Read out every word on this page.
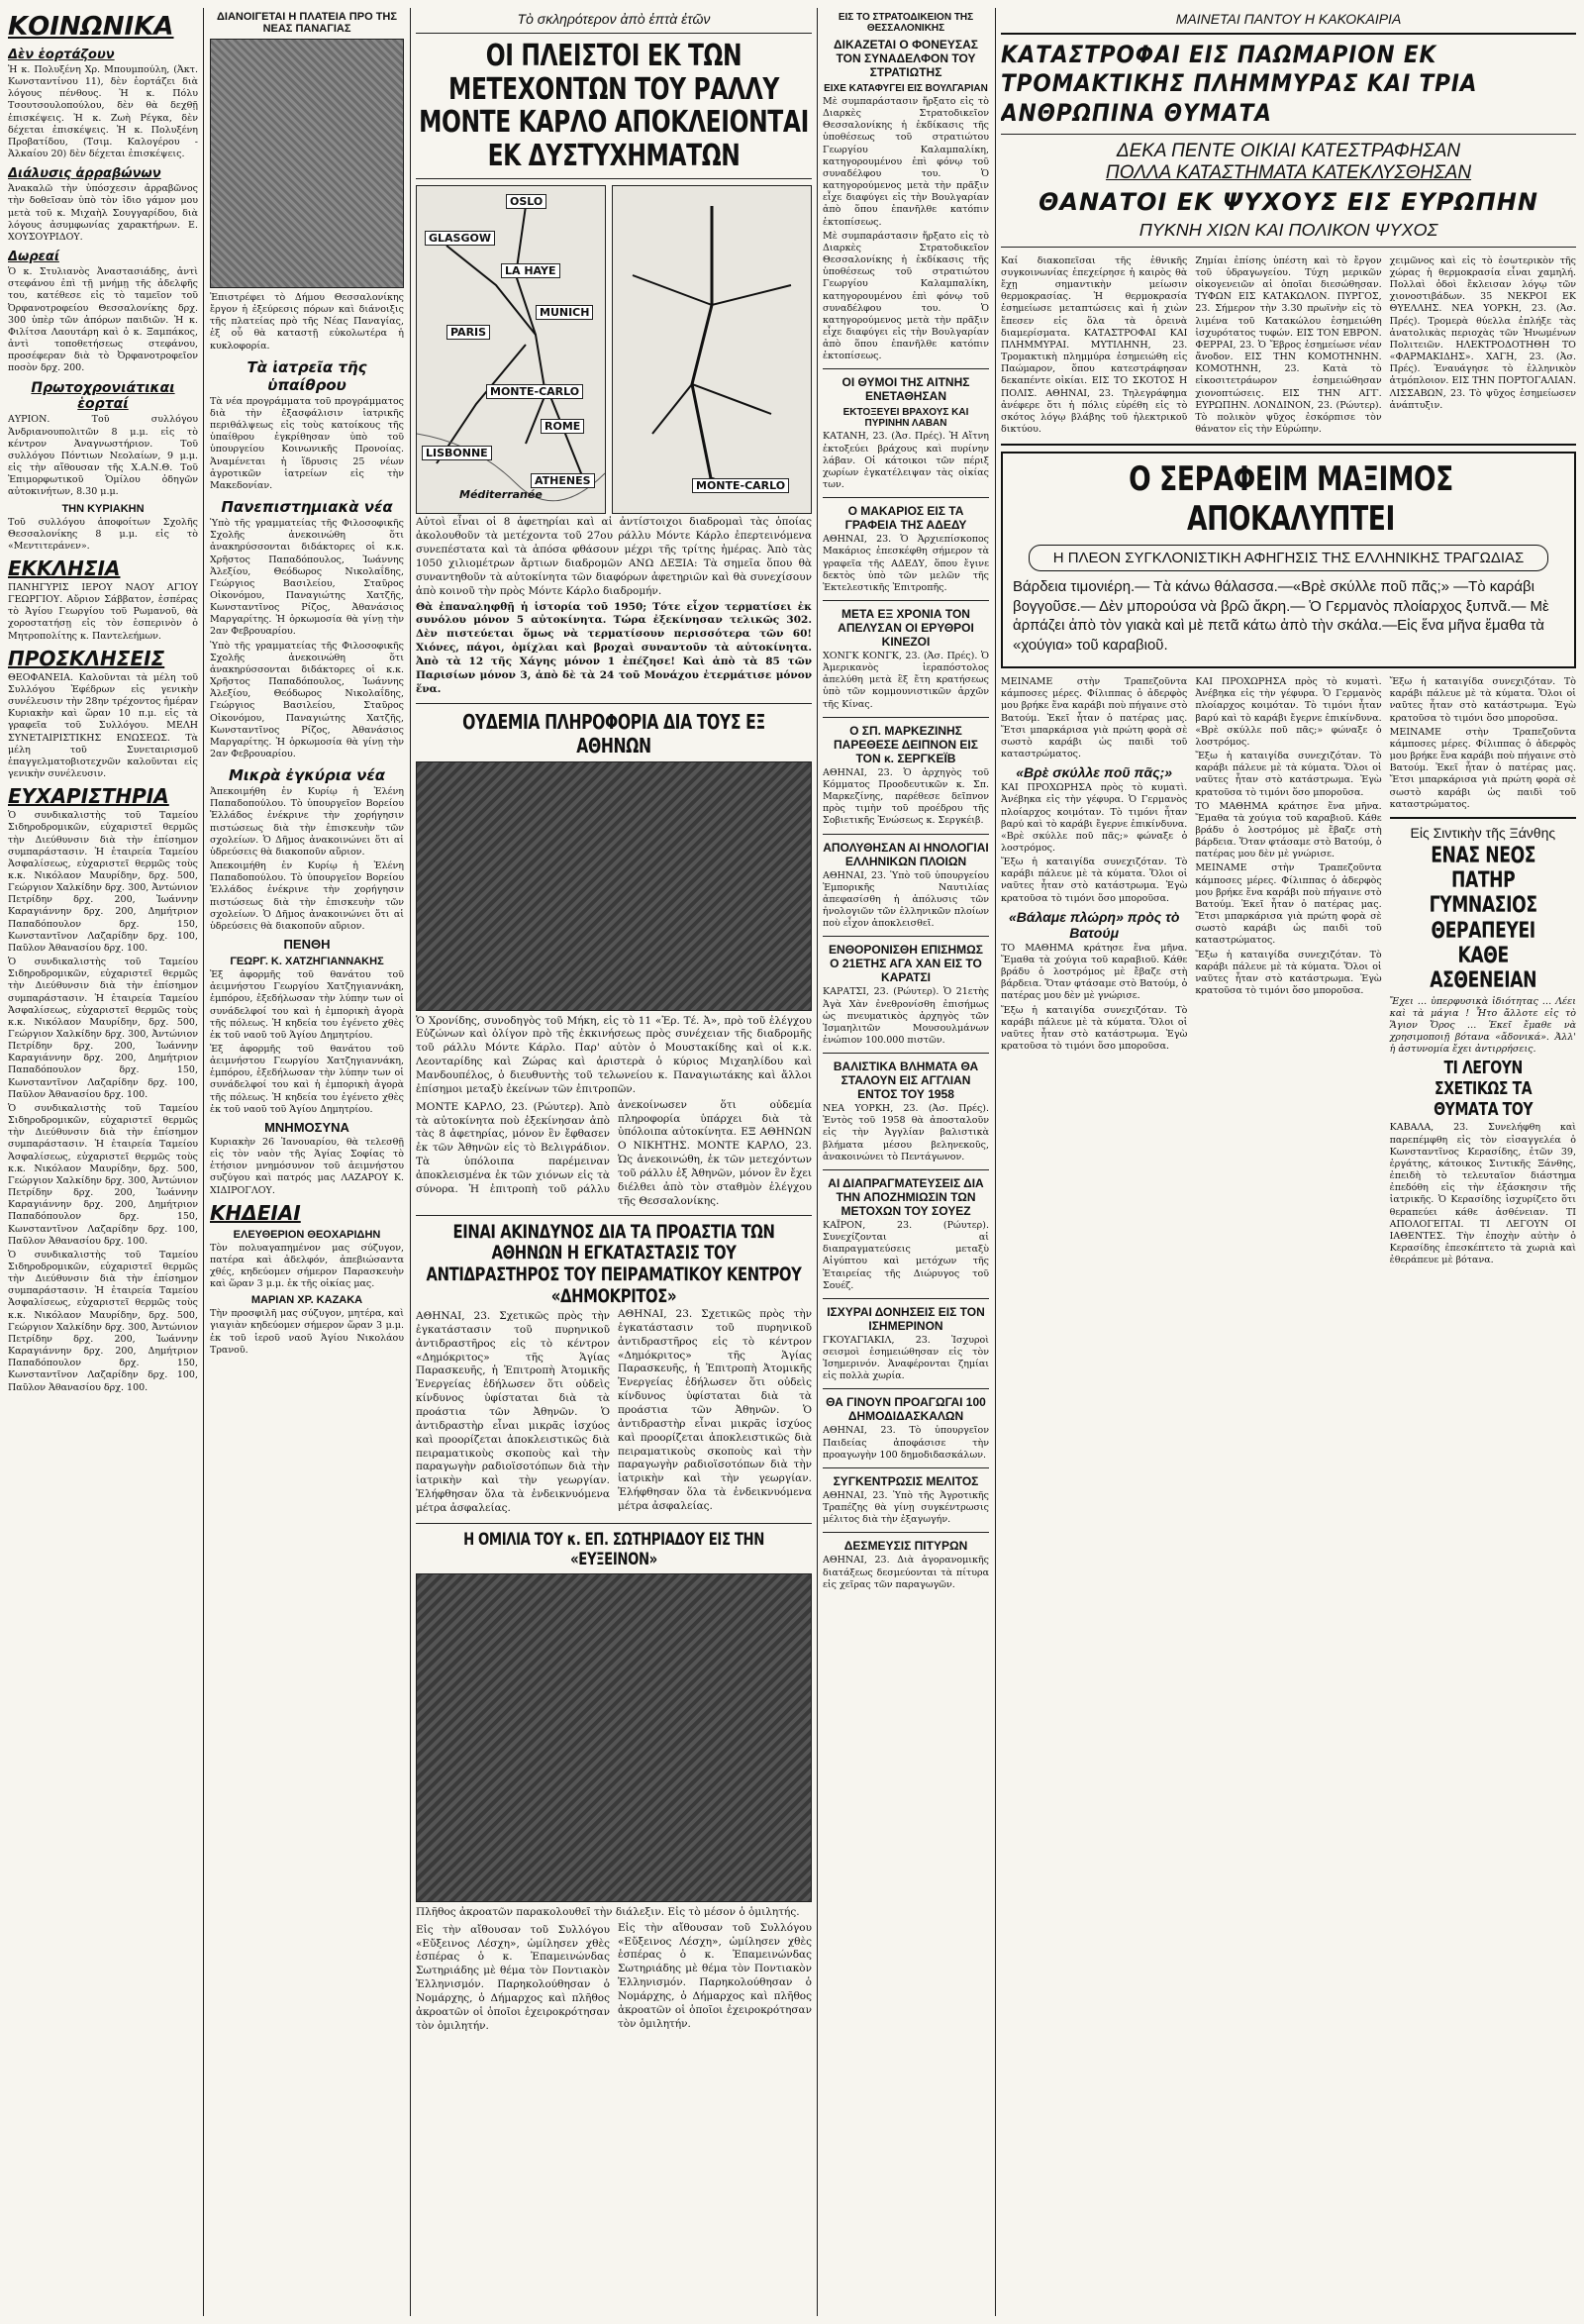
ΚΟΙΝΩΝΙΚΑ
Δὲν ἑορτάζουν

Ἡ κ. Πολυξένη Χρ. Μπουμπούλη, (Ἀκτ. Κωνσταντίνου 11), δὲν ἑορτάζει διὰ λόγους πένθους. Ἡ κ. Πόλυ Τσουτσουλοπούλου, δὲν θὰ δεχθῇ ἐπισκέψεις. Ἡ κ. Ζωὴ Ρέγκα, δὲν δέχεται ἐπισκέψεις. Ἡ κ. Πολυξένη Προβατίδου, (Τσιμ. Καλογέρου - Ἀλκαίου 20) δὲν δέχεται ἐπισκέψεις.

Διάλυσις ἀρραβώνων

Ἀνακαλῶ τὴν ὑπόσχεσιν ἀρραβῶνος τὴν δοθεῖσαν ὑπὸ τὸν ἰδιο γάμον μου μετὰ τοῦ κ. Μιχαὴλ Σουγγαρίδου, διὰ λόγους ἀσυμφωνίας χαρακτήρων. Ε. ΧΟΥΣΟΥΡΙΔΟΥ.

Δωρεαί

Ὁ κ. Στυλιανὸς Ἀναστασιάδης, ἀντὶ στεφάνου ἐπὶ τῇ μνήμῃ τῆς ἀδελφῆς του, κατέθεσε εἰς τὸ ταμεῖον τοῦ Ὀρφανοτροφείου Θεσσαλονίκης δρχ. 300 ὑπὲρ τῶν ἀπόρων παιδιῶν. Ἡ κ. Φιλίτσα Λαουτάρη καὶ ὁ κ. Ξαμπάκος, ἀντὶ τοποθετήσεως στεφάνου, προσέφεραν διὰ τὸ Ὀρφανοτροφεῖον ποσὸν δρχ. 200.

Πρωτοχρονιάτικαι ἑορταί

ΑΥΡΙΟΝ. Τοῦ συλλόγου Ἀνδριανουπολιτῶν 8 μ.μ. εἰς τὸ κέντρον Ἀναγνωστήριον. Τοῦ συλλόγου Πόντιων Νεολαίων, 9 μ.μ. εἰς τὴν αἴθουσαν τῆς Χ.Α.Ν.Θ. Τοῦ Ἐπιμορφωτικοῦ Ὁμίλου ὁδηγῶν αὐτοκινήτων, 8.30 μ.μ.

ΤΗΝ ΚΥΡΙΑΚΗΝ

Τοῦ συλλόγου ἀποφοίτων Σχολῆς Θεσσαλονίκης 8 μ.μ. εἰς τὸ «Μεντιτεράνεν».

ΕΚΚΛΗΣΙΑ

ΠΑΝΗΓΥΡΙΣ ΙΕΡΟΥ ΝΑΟΥ ΑΓΙΟΥ ΓΕΩΡΓΙΟΥ. Αὔριον Σάββατον, ἑσπέρας τὸ Ἀγίου Γεωργίου τοῦ Ρωμανοῦ, θὰ χοροστατήσῃ εἰς τὸν ἑσπερινὸν ὁ Μητροπολίτης κ. Παντελεήμων.

ΠΡΟΣΚΛΗΣΕΙΣ

ΘΕΟΦΑΝΕΙΑ. Καλοῦνται τὰ μέλη τοῦ Συλλόγου Ἐφέδρων εἰς γενικὴν συνέλευσιν τὴν 28ην τρέχοντος ἡμέραν Κυριακὴν καὶ ὥραν 10 π.μ. εἰς τὰ γραφεῖα τοῦ Συλλόγου. ΜΕΛΗ ΣΥΝΕΤΑΙΡΙΣΤΙΚΗΣ ΕΝΩΣΕΩΣ. Τὰ μέλη τοῦ Συνεταιρισμοῦ ἐπαγγελματοβιοτεχνῶν καλοῦνται εἰς γενικὴν συνέλευσιν.

ΕΥΧΑΡΙΣΤΗΡΙΑ

Ὁ συνδικαλιστὴς τοῦ Ταμείου Σιδηροδρομικῶν, εὐχαριστεῖ θερμῶς τὴν Διεύθυνσιν διὰ τὴν ἐπίσημον συμπαράστασιν. Ἡ ἐταιρεία Ταμείου Ἀσφαλίσεως, εὐχαριστεῖ θερμῶς τοὺς κ.κ. Νικόλαον Μαυρίδην, δρχ. 500, Γεώργιον Χαλκίδην δρχ. 300, Ἀντώνιον Πετρίδην δρχ. 200, Ἰωάννην Καραγιάννην δρχ. 200, Δημήτριον Παπαδόπουλον δρχ. 150, Κωνσταντῖνον Λαζαρίδην δρχ. 100, Παῦλον Ἀθανασίου δρχ. 100.

Ὁ συνδικαλιστὴς τοῦ Ταμείου Σιδηροδρομικῶν, εὐχαριστεῖ θερμῶς τὴν Διεύθυνσιν διὰ τὴν ἐπίσημον συμπαράστασιν. Ἡ ἐταιρεία Ταμείου Ἀσφαλίσεως, εὐχαριστεῖ θερμῶς τοὺς κ.κ. Νικόλαον Μαυρίδην, δρχ. 500, Γεώργιον Χαλκίδην δρχ. 300, Ἀντώνιον Πετρίδην δρχ. 200, Ἰωάννην Καραγιάννην δρχ. 200, Δημήτριον Παπαδόπουλον δρχ. 150, Κωνσταντῖνον Λαζαρίδην δρχ. 100, Παῦλον Ἀθανασίου δρχ. 100.

Ὁ συνδικαλιστὴς τοῦ Ταμείου Σιδηροδρομικῶν, εὐχαριστεῖ θερμῶς τὴν Διεύθυνσιν διὰ τὴν ἐπίσημον συμπαράστασιν. Ἡ ἐταιρεία Ταμείου Ἀσφαλίσεως, εὐχαριστεῖ θερμῶς τοὺς κ.κ. Νικόλαον Μαυρίδην, δρχ. 500, Γεώργιον Χαλκίδην δρχ. 300, Ἀντώνιον Πετρίδην δρχ. 200, Ἰωάννην Καραγιάννην δρχ. 200, Δημήτριον Παπαδόπουλον δρχ. 150, Κωνσταντῖνον Λαζαρίδην δρχ. 100, Παῦλον Ἀθανασίου δρχ. 100.

Ὁ συνδικαλιστὴς τοῦ Ταμείου Σιδηροδρομικῶν, εὐχαριστεῖ θερμῶς τὴν Διεύθυνσιν διὰ τὴν ἐπίσημον συμπαράστασιν. Ἡ ἐταιρεία Ταμείου Ἀσφαλίσεως, εὐχαριστεῖ θερμῶς τοὺς κ.κ. Νικόλαον Μαυρίδην, δρχ. 500, Γεώργιον Χαλκίδην δρχ. 300, Ἀντώνιον Πετρίδην δρχ. 200, Ἰωάννην Καραγιάννην δρχ. 200, Δημήτριον Παπαδόπουλον δρχ. 150, Κωνσταντῖνον Λαζαρίδην δρχ. 100, Παῦλον Ἀθανασίου δρχ. 100.

ΔΙΑΝΟΙΓΕΤΑΙ Η ΠΛΑΤΕΙΑ ΠΡΟ ΤΗΣ ΝΕΑΣ ΠΑΝΑΓΙΑΣ

Ἐπιστρέφει τὸ Δήμου Θεσσαλονίκης ἔργον ἡ ἐξεύρεσις πόρων καὶ διάνοιξις τῆς πλατείας πρὸ τῆς Νέας Παναγίας, ἐξ οὗ θὰ καταστῇ εὐκολωτέρα ἡ κυκλοφορία.

Τὰ ἰατρεῖα τῆς ὑπαίθρου

Τὰ νέα προγράμματα τοῦ προγράμματος διὰ τὴν ἐξασφάλισιν ἰατρικῆς περιθάλψεως εἰς τοὺς κατοίκους τῆς ὑπαίθρου ἐγκρίθησαν ὑπὸ τοῦ ὑπουργείου Κοινωνικῆς Προνοίας. Ἀναμένεται ἡ ἵδρυσις 25 νέων ἀγροτικῶν ἰατρείων εἰς τὴν Μακεδονίαν.

Πανεπιστημιακὰ νέα

Ὑπὸ τῆς γραμματείας τῆς Φιλοσοφικῆς Σχολῆς ἀνεκοινώθη ὅτι ἀνακηρύσσονται διδάκτορες οἱ κ.κ. Χρῆστος Παπαδόπουλος, Ἰωάννης Ἀλεξίου, Θεόδωρος Νικολαΐδης, Γεώργιος Βασιλείου, Σταῦρος Οἰκονόμου, Παναγιώτης Χατζῆς, Κωνσταντῖνος Ρίζος, Ἀθανάσιος Μαργαρίτης. Ἡ ὁρκωμοσία θὰ γίνῃ τὴν 2αν Φεβρουαρίου.

Ὑπὸ τῆς γραμματείας τῆς Φιλοσοφικῆς Σχολῆς ἀνεκοινώθη ὅτι ἀνακηρύσσονται διδάκτορες οἱ κ.κ. Χρῆστος Παπαδόπουλος, Ἰωάννης Ἀλεξίου, Θεόδωρος Νικολαΐδης, Γεώργιος Βασιλείου, Σταῦρος Οἰκονόμου, Παναγιώτης Χατζῆς, Κωνσταντῖνος Ρίζος, Ἀθανάσιος Μαργαρίτης. Ἡ ὁρκωμοσία θὰ γίνῃ τὴν 2αν Φεβρουαρίου.

Μικρὰ ἐγκύρια νέα

Ἀπεκοιμήθη ἐν Κυρίῳ ἡ Ἑλένη Παπαδοπούλου. Τὸ ὑπουργεῖον Βορείου Ἑλλάδος ἐνέκρινε τὴν χορήγησιν πιστώσεως διὰ τὴν ἐπισκευὴν τῶν σχολείων. Ὁ Δῆμος ἀνακοινώνει ὅτι αἱ ὑδρεύσεις θὰ διακοποῦν αὔριον.

Ἀπεκοιμήθη ἐν Κυρίῳ ἡ Ἑλένη Παπαδοπούλου. Τὸ ὑπουργεῖον Βορείου Ἑλλάδος ἐνέκρινε τὴν χορήγησιν πιστώσεως διὰ τὴν ἐπισκευὴν τῶν σχολείων. Ὁ Δῆμος ἀνακοινώνει ὅτι αἱ ὑδρεύσεις θὰ διακοποῦν αὔριον.

ΠΕΝΘΗ
ΓΕΩΡΓ. Κ. ΧΑΤΖΗΓΙΑΝΝΑΚΗΣ

Ἐξ ἀφορμῆς τοῦ θανάτου τοῦ ἀειμνήστου Γεωργίου Χατζηγιαννάκη, ἐμπόρου, ἐξεδήλωσαν τὴν λύπην των οἱ συνάδελφοί του καὶ ἡ ἐμπορικὴ ἀγορὰ τῆς πόλεως. Ἡ κηδεία του ἐγένετο χθὲς ἐκ τοῦ ναοῦ τοῦ Ἁγίου Δημητρίου.

Ἐξ ἀφορμῆς τοῦ θανάτου τοῦ ἀειμνήστου Γεωργίου Χατζηγιαννάκη, ἐμπόρου, ἐξεδήλωσαν τὴν λύπην των οἱ συνάδελφοί του καὶ ἡ ἐμπορικὴ ἀγορὰ τῆς πόλεως. Ἡ κηδεία του ἐγένετο χθὲς ἐκ τοῦ ναοῦ τοῦ Ἁγίου Δημητρίου.

ΜΝΗΜΟΣΥΝΑ

Κυριακὴν 26 Ἰανουαρίου, θὰ τελεσθῇ εἰς τὸν ναὸν τῆς Ἁγίας Σοφίας τὸ ἐτήσιον μνημόσυνον τοῦ ἀειμνήστου συζύγου καὶ πατρός μας ΛΑΖΑΡΟΥ Κ. ΧΙΔΙΡΟΓΛΟΥ.

ΚΗΔΕΙΑΙ
ΕΛΕΥΘΕΡΙΟΝ ΘΕΟΧΑΡΙΔΗΝ

Τὸν πολυαγαπημένον μας σύζυγον, πατέρα καὶ ἀδελφόν, ἀπεβιώσαντα χθές, κηδεύομεν σήμερον Παρασκευὴν καὶ ὥραν 3 μ.μ. ἐκ τῆς οἰκίας μας.

ΜΑΡΙΑΝ ΧΡ. ΚΑΖΑΚΑ

Τὴν προσφιλῆ μας σύζυγον, μητέρα, καὶ γιαγιὰν κηδεύομεν σήμερον ὥραν 3 μ.μ. ἐκ τοῦ ἱεροῦ ναοῦ Ἁγίου Νικολάου Τρανοῦ.

Τὸ σκληρότερον ἀπὸ ἑπτὰ ἐτῶν
ΟΙ ΠΛΕΙΣΤΟΙ ΕΚ ΤΩΝ ΜΕΤΕΧΟΝΤΩΝ ΤΟΥ ΡΑΛΛΥ ΜΟΝΤΕ ΚΑΡΛΟ ΑΠΟΚΛΕΙΟΝΤΑΙ ΕΚ ΔΥΣΤΥΧΗΜΑΤΩΝ
OSLO
GLASGOW
LA HAYE
PARIS
MUNICH
MONTE-CARLO
LISBONNE
ROME
ATHENES
Méditerranée
MONTE-CARLO

Αὐτοὶ εἶναι οἱ 8 ἀφετηρίαι καὶ αἱ ἀντίστοιχοι διαδρομαὶ τὰς ὁποίας ἀκολουθοῦν τὰ μετέχοντα τοῦ 27ου ράλλυ Μόντε Κάρλο ἐπερτεινόμενα συνεπέστατα καὶ τὰ ἀπόσα φθάσουν μέχρι τῆς τρίτης ἡμέρας. Ἀπὸ τὰς 1050 χιλιομέτρων ἄρτιων διαδρομῶν ΑΝΩ ΔΕΞΙΑ: Τὰ σημεῖα ὅπου θὰ συναντηθοῦν τὰ αὐτοκίνητα τῶν διαφόρων ἀφετηριῶν καὶ θὰ συνεχίσουν ἀπὸ κοινοῦ τὴν πρὸς Μόντε Κάρλο διαδρομήν.

Θὰ ἐπαναληφθῇ ἡ ἱστορία τοῦ 1950; Τότε εἶχον τερματίσει ἐκ συνόλου μόνον 5 αὐτοκίνητα. Τώρα ἐξεκίνησαν τελικῶς 302. Δὲν πιστεύεται ὅμως νὰ τερματίσουν περισσότερα τῶν 60! Χιόνες, πάγοι, ὀμίχλαι καὶ βροχαὶ συναντοῦν τὰ αὐτοκίνητα. Ἀπὸ τὰ 12 τῆς Χάγης μόνον 1 ἐπέζησε! Καὶ ἀπὸ τὰ 85 τῶν Παρισίων μόνον 3, ἀπὸ δὲ τὰ 24 τοῦ Μονάχου ἐτερμάτισε μόνον ἕνα.

ΟΥΔΕΜΙΑ ΠΛΗΡΟΦΟΡΙΑ ΔΙΑ ΤΟΥΣ ΕΞ ΑΘΗΝΩΝ

Ὁ Χρονίδης, συνοδηγὸς τοῦ Μήκη, εἰς τὸ 11 «Ἐρ. Τέ. Ἀ», πρὸ τοῦ ἐλέγχου Εὐζώνων καὶ ὀλίγον πρὸ τῆς ἐκκινήσεως πρὸς συνέχειαν τῆς διαδρομῆς τοῦ ράλλυ Μόντε Κάρλο. Παρ' αὐτὸν ὁ Μουστακίδης καὶ οἱ κ.κ. Λεονταρίδης καὶ Ζώρας καὶ ἀριστερὰ ὁ κύριος Μιχαηλίδου καὶ Μανδουπέλος, ὁ διευθυντὴς τοῦ τελωνείου κ. Παναγιωτάκης καὶ ἄλλοι ἐπίσημοι μεταξὺ ἐκείνων τῶν ἐπιτροπῶν.

ΜΟΝΤΕ ΚΑΡΛΟ, 23. (Ρώυτερ). Ἀπὸ τὰ αὐτοκίνητα ποὺ ἐξεκίνησαν ἀπὸ τὰς 8 ἀφετηρίας, μόνον ἓν ἔφθασεν ἐκ τῶν Ἀθηνῶν εἰς τὸ Βελιγράδιον. Τὰ ὑπόλοιπα παρέμειναν ἀποκλεισμένα ἐκ τῶν χιόνων εἰς τὰ σύνορα. Ἡ ἐπιτροπὴ τοῦ ράλλυ ἀνεκοίνωσεν ὅτι οὐδεμία πληροφορία ὑπάρχει διὰ τὰ ὑπόλοιπα αὐτοκίνητα. ΕΞ ΑΘΗΝΩΝ Ο ΝΙΚΗΤΗΣ. ΜΟΝΤΕ ΚΑΡΛΟ, 23. Ὡς ἀνεκοινώθη, ἐκ τῶν μετεχόντων τοῦ ράλλυ ἐξ Ἀθηνῶν, μόνον ἓν ἔχει διέλθει ἀπὸ τὸν σταθμὸν ἐλέγχου τῆς Θεσσαλονίκης.

ΕΙΝΑΙ ΑΚΙΝΔΥΝΟΣ ΔΙΑ ΤΑ ΠΡΟΑΣΤΙΑ ΤΩΝ ΑΘΗΝΩΝ Η ΕΓΚΑΤΑΣΤΑΣΙΣ ΤΟΥ ΑΝΤΙΔΡΑΣΤΗΡΟΣ ΤΟΥ ΠΕΙΡΑΜΑΤΙΚΟΥ ΚΕΝΤΡΟΥ «ΔΗΜΟΚΡΙΤΟΣ»

ΑΘΗΝΑΙ, 23. Σχετικῶς πρὸς τὴν ἐγκατάστασιν τοῦ πυρηνικοῦ ἀντιδραστῆρος εἰς τὸ κέντρον «Δημόκριτος» τῆς Ἁγίας Παρασκευῆς, ἡ Ἐπιτροπὴ Ἀτομικῆς Ἐνεργείας ἐδήλωσεν ὅτι οὐδεὶς κίνδυνος ὑφίσταται διὰ τὰ προάστια τῶν Ἀθηνῶν. Ὁ ἀντιδραστὴρ εἶναι μικρᾶς ἰσχύος καὶ προορίζεται ἀποκλειστικῶς διὰ πειραματικοὺς σκοποὺς καὶ τὴν παραγωγὴν ραδιοϊσοτόπων διὰ τὴν ἰατρικὴν καὶ τὴν γεωργίαν. Ἐλήφθησαν ὅλα τὰ ἐνδεικνυόμενα μέτρα ἀσφαλείας.

ΑΘΗΝΑΙ, 23. Σχετικῶς πρὸς τὴν ἐγκατάστασιν τοῦ πυρηνικοῦ ἀντιδραστῆρος εἰς τὸ κέντρον «Δημόκριτος» τῆς Ἁγίας Παρασκευῆς, ἡ Ἐπιτροπὴ Ἀτομικῆς Ἐνεργείας ἐδήλωσεν ὅτι οὐδεὶς κίνδυνος ὑφίσταται διὰ τὰ προάστια τῶν Ἀθηνῶν. Ὁ ἀντιδραστὴρ εἶναι μικρᾶς ἰσχύος καὶ προορίζεται ἀποκλειστικῶς διὰ πειραματικοὺς σκοποὺς καὶ τὴν παραγωγὴν ραδιοϊσοτόπων διὰ τὴν ἰατρικὴν καὶ τὴν γεωργίαν. Ἐλήφθησαν ὅλα τὰ ἐνδεικνυόμενα μέτρα ἀσφαλείας.

Η ΟΜΙΛΙΑ ΤΟΥ κ. ΕΠ. ΣΩΤΗΡΙΑΔΟΥ ΕΙΣ ΤΗΝ «ΕΥΞΕΙΝΟΝ»

Πλῆθος ἀκροατῶν παρακολουθεῖ τὴν διάλεξιν. Εἰς τὸ μέσον ὁ ὁμιλητής.

Εἰς τὴν αἴθουσαν τοῦ Συλλόγου «Εὔξεινος Λέσχη», ὡμίλησεν χθὲς ἑσπέρας ὁ κ. Ἐπαμεινώνδας Σωτηριάδης μὲ θέμα τὸν Ποντιακὸν Ἑλληνισμόν. Παρηκολούθησαν ὁ Νομάρχης, ὁ Δήμαρχος καὶ πλῆθος ἀκροατῶν οἱ ὁποῖοι ἐχειροκρότησαν τὸν ὁμιλητήν.

Εἰς τὴν αἴθουσαν τοῦ Συλλόγου «Εὔξεινος Λέσχη», ὡμίλησεν χθὲς ἑσπέρας ὁ κ. Ἐπαμεινώνδας Σωτηριάδης μὲ θέμα τὸν Ποντιακὸν Ἑλληνισμόν. Παρηκολούθησαν ὁ Νομάρχης, ὁ Δήμαρχος καὶ πλῆθος ἀκροατῶν οἱ ὁποῖοι ἐχειροκρότησαν τὸν ὁμιλητήν.

ΕΙΣ ΤΟ ΣΤΡΑΤΟΔΙΚΕΙΟΝ ΤΗΣ ΘΕΣΣΑΛΟΝΙΚΗΣ
ΔΙΚΑΖΕΤΑΙ Ο ΦΟΝΕΥΣΑΣ ΤΟΝ ΣΥΝΑΔΕΛΦΟΝ ΤΟΥ ΣΤΡΑΤΙΩΤΗΣ
ΕΙΧΕ ΚΑΤΑΦΥΓΕΙ ΕΙΣ ΒΟΥΛΓΑΡΙΑΝ

Μὲ συμπαράστασιν ἤρξατο εἰς τὸ Διαρκὲς Στρατοδικεῖον Θεσσαλονίκης ἡ ἐκδίκασις τῆς ὑποθέσεως τοῦ στρατιώτου Γεωργίου Καλαμπαλίκη, κατηγορουμένου ἐπὶ φόνῳ τοῦ συναδέλφου του. Ὁ κατηγορούμενος μετὰ τὴν πρᾶξιν εἶχε διαφύγει εἰς τὴν Βουλγαρίαν ἀπὸ ὅπου ἐπανῆλθε κατόπιν ἐκτοπίσεως.

Μὲ συμπαράστασιν ἤρξατο εἰς τὸ Διαρκὲς Στρατοδικεῖον Θεσσαλονίκης ἡ ἐκδίκασις τῆς ὑποθέσεως τοῦ στρατιώτου Γεωργίου Καλαμπαλίκη, κατηγορουμένου ἐπὶ φόνῳ τοῦ συναδέλφου του. Ὁ κατηγορούμενος μετὰ τὴν πρᾶξιν εἶχε διαφύγει εἰς τὴν Βουλγαρίαν ἀπὸ ὅπου ἐπανῆλθε κατόπιν ἐκτοπίσεως.

ΟΙ ΘΥΜΟΙ ΤΗΣ ΑΙΤΝΗΣ ΕΝΕΤΑΘΗΣΑΝ
ΕΚΤΟΞΕΥΕΙ ΒΡΑΧΟΥΣ ΚΑΙ ΠΥΡΙΝΗΝ ΛΑΒΑΝ

ΚΑΤΑΝΗ, 23. (Ἀσ. Πρές). Ἡ Αἴτνη ἐκτοξεύει βράχους καὶ πυρίνην λάβαν. Οἱ κάτοικοι τῶν πέριξ χωρίων ἐγκατέλειψαν τὰς οἰκίας των.

Ο ΜΑΚΑΡΙΟΣ ΕΙΣ ΤΑ ΓΡΑΦΕΙΑ ΤΗΣ ΑΔΕΔΥ

ΑΘΗΝΑΙ, 23. Ὁ Ἀρχιεπίσκοπος Μακάριος ἐπεσκέφθη σήμερον τὰ γραφεῖα τῆς ΑΔΕΔΥ, ὅπου ἔγινε δεκτὸς ὑπὸ τῶν μελῶν τῆς Ἐκτελεστικῆς Ἐπιτροπῆς.

ΜΕΤΑ ΕΞ ΧΡΟΝΙΑ ΤΟΝ ΑΠΕΛΥΣΑΝ ΟΙ ΕΡΥΘΡΟΙ ΚΙΝΕΖΟΙ

ΧΟΝΓΚ ΚΟΝΓΚ, 23. (Ἀσ. Πρές). Ὁ Ἀμερικανὸς ἱεραπόστολος ἀπελύθη μετὰ ἓξ ἔτη κρατήσεως ὑπὸ τῶν κομμουνιστικῶν ἀρχῶν τῆς Κίνας.

Ο ΣΠ. ΜΑΡΚΕΖΙΝΗΣ ΠΑΡΕΘΕΣΕ ΔΕΙΠΝΟΝ ΕΙΣ ΤΟΝ κ. ΣΕΡΓΚΕΪΒ

ΑΘΗΝΑΙ, 23. Ὁ ἀρχηγὸς τοῦ Κόμματος Προοδευτικῶν κ. Σπ. Μαρκεζίνης, παρέθεσε δεῖπνον πρὸς τιμὴν τοῦ προέδρου τῆς Σοβιετικῆς Ἑνώσεως κ. Σεργκέιβ.

ΑΠΟΛΥΘΗΣΑΝ ΑΙ ΗΝΟΛΟΓΙΑΙ ΕΛΛΗΝΙΚΩΝ ΠΛΟΙΩΝ

ΑΘΗΝΑΙ, 23. Ὑπὸ τοῦ ὑπουργείου Ἐμπορικῆς Ναυτιλίας ἀπεφασίσθη ἡ ἀπόλυσις τῶν ἠνολογιῶν τῶν ἑλληνικῶν πλοίων ποὺ εἶχον ἀποκλεισθεῖ.

ΕΝΘΟΡΟΝΙΣΘΗ ΕΠΙΣΗΜΩΣ Ο 21ΕΤΗΣ ΑΓΑ ΧΑΝ ΕΙΣ ΤΟ ΚΑΡΑΤΣΙ

ΚΑΡΑΤΣΙ, 23. (Ρώυτερ). Ὁ 21ετὴς Ἀγὰ Χὰν ἐνεθρονίσθη ἐπισήμως ὡς πνευματικὸς ἀρχηγὸς τῶν Ἰσμαηλιτῶν Μουσουλμάνων ἐνώπιον 100.000 πιστῶν.

ΒΑΛΙΣΤΙΚΑ ΒΛΗΜΑΤΑ ΘΑ ΣΤΑΛΟΥΝ ΕΙΣ ΑΓΓΛΙΑΝ ΕΝΤΟΣ ΤΟΥ 1958

ΝΕΑ ΥΟΡΚΗ, 23. (Ἀσ. Πρές). Ἐντὸς τοῦ 1958 θὰ ἀποσταλοῦν εἰς τὴν Ἀγγλίαν βαλιστικὰ βλήματα μέσου βεληνεκοῦς, ἀνακοινώνει τὸ Πεντάγωνον.

ΑΙ ΔΙΑΠΡΑΓΜΑΤΕΥΣΕΙΣ ΔΙΑ ΤΗΝ ΑΠΟΖΗΜΙΩΣΙΝ ΤΩΝ ΜΕΤΟΧΩΝ ΤΟΥ ΣΟΥΕΖ

ΚΑΪΡΟΝ, 23. (Ρώυτερ). Συνεχίζονται αἱ διαπραγματεύσεις μεταξὺ Αἰγύπτου καὶ μετόχων τῆς Ἑταιρείας τῆς Διώρυγος τοῦ Σουέζ.

ΙΣΧΥΡΑΙ ΔΟΝΗΣΕΙΣ ΕΙΣ ΤΟΝ ΙΣΗΜΕΡΙΝΟΝ

ΓΚΟΥΑΓΙΑΚΙΛ, 23. Ἰσχυροὶ σεισμοὶ ἐσημειώθησαν εἰς τὸν Ἰσημερινόν. Ἀναφέρονται ζημίαι εἰς πολλὰ χωρία.

ΘΑ ΓΙΝΟΥΝ ΠΡΟΑΓΩΓΑΙ 100 ΔΗΜΟΔΙΔΑΣΚΑΛΩΝ

ΑΘΗΝΑΙ, 23. Τὸ ὑπουργεῖον Παιδείας ἀποφάσισε τὴν προαγωγὴν 100 δημοδιδασκάλων.

ΣΥΓΚΕΝΤΡΩΣΙΣ ΜΕΛΙΤΟΣ

ΑΘΗΝΑΙ, 23. Ὑπὸ τῆς Ἀγροτικῆς Τραπέζης θὰ γίνῃ συγκέντρωσις μέλιτος διὰ τὴν ἐξαγωγήν.

ΔΕΣΜΕΥΣΙΣ ΠΙΤΥΡΩΝ

ΑΘΗΝΑΙ, 23. Διὰ ἀγορανομικῆς διατάξεως δεσμεύονται τὰ πίτυρα εἰς χεῖρας τῶν παραγωγῶν.

ΜΑΙΝΕΤΑΙ ΠΑΝΤΟΥ Η ΚΑΚΟΚΑΙΡΙΑ
ΚΑΤΑΣΤΡΟΦΑΙ ΕΙΣ ΠΑΩΜΑΡΙΟΝ ΕΚ ΤΡΟΜΑΚΤΙΚΗΣ ΠΛΗΜΜΥΡΑΣ ΚΑΙ ΤΡΙΑ ΑΝΘΡΩΠΙΝΑ ΘΥΜΑΤΑ
ΔΕΚΑ ΠΕΝΤΕ ΟΙΚΙΑΙ ΚΑΤΕΣΤΡΑΦΗΣΑΝ
ΠΟΛΛΑ ΚΑΤΑΣΤΗΜΑΤΑ ΚΑΤΕΚΛΥΣΘΗΣΑΝ
ΘΑΝΑΤΟΙ ΕΚ ΨΥΧΟΥΣ ΕΙΣ ΕΥΡΩΠΗΝ
ΠΥΚΝΗ ΧΙΩΝ ΚΑΙ ΠΟΛΙΚΟΝ ΨΥΧΟΣ

Καί διακοπεῖσαι τῆς ἐθνικῆς συγκοινωνίας ἐπεχείρησε ἡ καιρὸς θὰ ἔχῃ σημαντικὴν μείωσιν θερμοκρασίας. Ἡ θερμοκρασία ἐσημείωσε μεταπτώσεις καὶ ἡ χιὼν ἔπεσεν εἰς ὅλα τὰ ὀρεινὰ διαμερίσματα. ΚΑΤΑΣΤΡΟΦΑΙ ΚΑΙ ΠΛΗΜΜΥΡΑΙ. ΜΥΤΙΛΗΝΗ, 23. Τρομακτικὴ πλημμύρα ἐσημειώθη εἰς Παώμαρον, ὅπου κατεστράφησαν δεκαπέντε οἰκίαι. ΕΙΣ ΤΟ ΣΚΟΤΟΣ Η ΠΟΛΙΣ. ΑΘΗΝΑΙ, 23. Τηλεγράφημα ἀνέφερε ὅτι ἡ πόλις εὑρέθη εἰς τὸ σκότος λόγῳ βλάβης τοῦ ἠλεκτρικοῦ δικτύου.

Ζημίαι ἐπίσης ὑπέστη καὶ τὸ ἔργον τοῦ ὑδραγωγείου. Τύχη μερικῶν οἰκογενειῶν αἱ ὁποῖαι διεσώθησαν. ΤΥΦΩΝ ΕΙΣ ΚΑΤΑΚΩΛΟΝ. ΠΥΡΓΟΣ, 23. Σήμερον τὴν 3.30 πρωϊνὴν εἰς τὸ λιμένα τοῦ Κατακώλου ἐσημειώθη ἰσχυρότατος τυφών. ΕΙΣ ΤΟΝ ΕΒΡΟΝ. ΦΕΡΡΑΙ, 23. Ὁ Ἔβρος ἐσημείωσε νέαν ἄνοδον. ΕΙΣ ΤΗΝ ΚΟΜΟΤΗΝΗΝ. ΚΟΜΟΤΗΝΗ, 23. Κατὰ τὸ εἰκοσιτετράωρον ἐσημειώθησαν χιονοπτώσεις. ΕΙΣ ΤΗΝ ΑΓΓ. ΕΥΡΩΠΗΝ. ΛΟΝΔΙΝΟΝ, 23. (Ρώυτερ). Τὸ πολικὸν ψῦχος ἐσκόρπισε τὸν θάνατον εἰς τὴν Εὐρώπην.

χειμῶνος καὶ εἰς τὸ ἐσωτερικὸν τῆς χώρας ἡ θερμοκρασία εἶναι χαμηλή. Πολλαὶ ὁδοὶ ἔκλεισαν λόγῳ τῶν χιονοστιβάδων. 35 ΝΕΚΡΟΙ ΕΚ ΘΥΕΛΛΗΣ. ΝΕΑ ΥΟΡΚΗ, 23. (Ἀσ. Πρές). Τρομερὰ θύελλα ἐπλήξε τὰς ἀνατολικὰς περιοχὰς τῶν Ἡνωμένων Πολιτειῶν. ΗΛΕΚΤΡΟΔΟΤΗΘΗ ΤΟ «ΦΑΡΜΑΚΙΔΗΣ». ΧΑΓΗ, 23. (Ἀσ. Πρές). Ἐναυάγησε τὸ ἑλληνικὸν ἀτμόπλοιον. ΕΙΣ ΤΗΝ ΠΟΡΤΟΓΑΛΙΑΝ. ΛΙΣΣΑΒΩΝ, 23. Τὸ ψῦχος ἐσημείωσεν ἀνάπτυξιν.

Ο ΣΕΡΑΦΕΙΜ ΜΑΞΙΜΟΣ ΑΠΟΚΑΛΥΠΤΕΙ
Η ΠΛΕΟΝ ΣΥΓΚΛΟΝΙΣΤΙΚΗ ΑΦΗΓΗΣΙΣ ΤΗΣ ΕΛΛΗΝΙΚΗΣ ΤΡΑΓΩΔΙΑΣ

Βάρδεια τιμονιέρη.— Τὰ κάνω θάλασσα.—«Βρὲ σκύλλε ποῦ πᾶς;» —Τὸ καράβι βογγοῦσε.— Δὲν μπορούσα νὰ βρῶ ἄκρη.— Ὁ Γερμανὸς πλοίαρχος ξυπνᾶ.— Μὲ ἁρπάζει ἀπὸ τὸν γιακὰ καὶ μὲ πετᾶ κάτω ἀπὸ τὴν σκάλα.—Εἰς ἕνα μῆνα ἔμαθα τὰ «χούγια» τοῦ καραβιοῦ.

ΜΕΙΝΑΜΕ στὴν Τραπεζοῦντα κάμποσες μέρες. Φίλιππας ὁ ἀδερφὸς μου βρήκε ἕνα καράβι ποὺ πήγαινε στὸ Βατούμ. Ἐκεῖ ἦταν ὁ πατέρας μας. Ἔτσι μπαρκάρισα γιὰ πρώτη φορὰ σὲ σωστὸ καράβι ὡς παιδὶ τοῦ καταστρώματος.

«Βρὲ σκύλλε ποῦ πᾶς;»

ΚΑΙ ΠΡΟΧΩΡΗΣΑ πρὸς τὸ κυματὶ. Ἀνέβηκα εἰς τὴν γέφυρα. Ὁ Γερμανὸς πλοίαρχος κοιμόταν. Τὸ τιμόνι ἦταν βαρύ καὶ τὸ καράβι ἔγερνε ἐπικίνδυνα. «Βρὲ σκύλλε ποῦ πᾶς;» φώναξε ὁ λοστρόμος.

Ἔξω ἡ καταιγίδα συνεχιζόταν. Τὸ καράβι πάλευε μὲ τὰ κύματα. Ὅλοι οἱ ναῦτες ἦταν στὸ κατάστρωμα. Ἐγὼ κρατοῦσα τὸ τιμόνι ὅσο μποροῦσα.

«Βάλαμε πλώρη» πρὸς τὸ Βατούμ

ΤΟ ΜΑΘΗΜΑ κράτησε ἕνα μῆνα. Ἔμαθα τὰ χούγια τοῦ καραβιοῦ. Κάθε βράδυ ὁ λοστρόμος μὲ ἔβαζε στὴ βάρδεια. Ὅταν φτάσαμε στὸ Βατούμ, ὁ πατέρας μου δὲν μὲ γνώρισε.

Ἔξω ἡ καταιγίδα συνεχιζόταν. Τὸ καράβι πάλευε μὲ τὰ κύματα. Ὅλοι οἱ ναῦτες ἦταν στὸ κατάστρωμα. Ἐγὼ κρατοῦσα τὸ τιμόνι ὅσο μποροῦσα.

ΚΑΙ ΠΡΟΧΩΡΗΣΑ πρὸς τὸ κυματὶ. Ἀνέβηκα εἰς τὴν γέφυρα. Ὁ Γερμανὸς πλοίαρχος κοιμόταν. Τὸ τιμόνι ἦταν βαρύ καὶ τὸ καράβι ἔγερνε ἐπικίνδυνα. «Βρὲ σκύλλε ποῦ πᾶς;» φώναξε ὁ λοστρόμος.

Ἔξω ἡ καταιγίδα συνεχιζόταν. Τὸ καράβι πάλευε μὲ τὰ κύματα. Ὅλοι οἱ ναῦτες ἦταν στὸ κατάστρωμα. Ἐγὼ κρατοῦσα τὸ τιμόνι ὅσο μποροῦσα.

ΤΟ ΜΑΘΗΜΑ κράτησε ἕνα μῆνα. Ἔμαθα τὰ χούγια τοῦ καραβιοῦ. Κάθε βράδυ ὁ λοστρόμος μὲ ἔβαζε στὴ βάρδεια. Ὅταν φτάσαμε στὸ Βατούμ, ὁ πατέρας μου δὲν μὲ γνώρισε.

ΜΕΙΝΑΜΕ στὴν Τραπεζοῦντα κάμποσες μέρες. Φίλιππας ὁ ἀδερφὸς μου βρήκε ἕνα καράβι ποὺ πήγαινε στὸ Βατούμ. Ἐκεῖ ἦταν ὁ πατέρας μας. Ἔτσι μπαρκάρισα γιὰ πρώτη φορὰ σὲ σωστὸ καράβι ὡς παιδὶ τοῦ καταστρώματος.

Ἔξω ἡ καταιγίδα συνεχιζόταν. Τὸ καράβι πάλευε μὲ τὰ κύματα. Ὅλοι οἱ ναῦτες ἦταν στὸ κατάστρωμα. Ἐγὼ κρατοῦσα τὸ τιμόνι ὅσο μποροῦσα.

Ἔξω ἡ καταιγίδα συνεχιζόταν. Τὸ καράβι πάλευε μὲ τὰ κύματα. Ὅλοι οἱ ναῦτες ἦταν στὸ κατάστρωμα. Ἐγὼ κρατοῦσα τὸ τιμόνι ὅσο μποροῦσα.

ΜΕΙΝΑΜΕ στὴν Τραπεζοῦντα κάμποσες μέρες. Φίλιππας ὁ ἀδερφὸς μου βρήκε ἕνα καράβι ποὺ πήγαινε στὸ Βατούμ. Ἐκεῖ ἦταν ὁ πατέρας μας. Ἔτσι μπαρκάρισα γιὰ πρώτη φορὰ σὲ σωστὸ καράβι ὡς παιδὶ τοῦ καταστρώματος.

Εἰς Σιντικὴν τῆς Ξάνθης
ΕΝΑΣ ΝΕΟΣ ΠΑΤΗΡ ΓΥΜΝΑΣΙΟΣ ΘΕΡΑΠΕΥΕΙ ΚΑΘΕ ΑΣΘΕΝΕΙΑΝ

Ἔχει … ὑπερφυσικὰ ἰδιότητας … Λέει καὶ τὰ μάγια ! Ἦτο ἄλλοτε εἰς τὸ Ἅγιον Ὄρος … Ἐκεῖ ἔμαθε νὰ χρησιμοποιῇ βότανα «ἄδονικά». Ἀλλ' ἡ ἀστυνομία ἔχει ἀντιρρήσεις.

ΤΙ ΛΕΓΟΥΝ ΣΧΕΤΙΚΩΣ ΤΑ ΘΥΜΑΤΑ ΤΟΥ

ΚΑΒΑΛΑ, 23. Συνελήφθη καὶ παρεπέμφθη εἰς τὸν εἰσαγγελέα ὁ Κωνσταντῖνος Κερασίδης, ἐτῶν 39, ἐργάτης, κάτοικος Σιντικῆς Ξάνθης, ἐπειδὴ τὸ τελευταῖον διάστημα ἐπεδόθη εἰς τὴν ἐξάσκησιν τῆς ἰατρικῆς. Ὁ Κερασίδης ἰσχυρίζετο ὅτι θεραπεύει κάθε ἀσθένειαν. ΤΙ ΑΠΟΛΟΓΕΙΤΑΙ. ΤΙ ΛΕΓΟΥΝ ΟΙ ΙΑΘΕΝΤΕΣ. Τὴν ἐποχὴν αὐτὴν ὁ Κερασίδης ἐπεσκέπτετο τὰ χωριὰ καὶ ἐθεράπευε μὲ βότανα.
